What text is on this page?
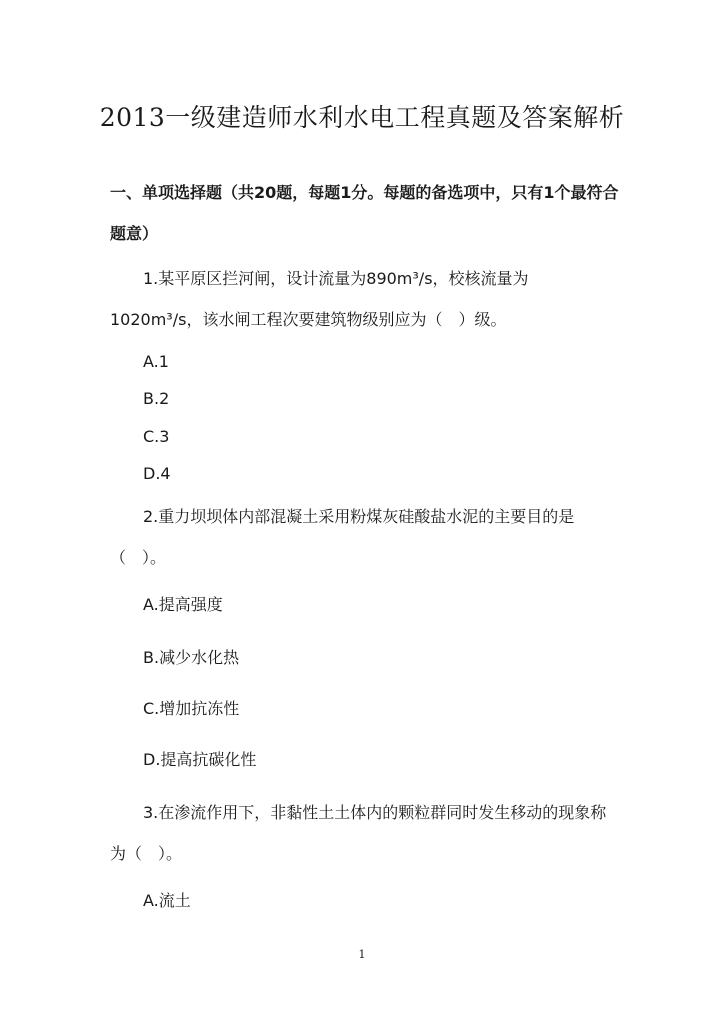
2013一级建造师水利水电工程真题及答案解析

一、单项选择题（共20题，每题1分。每题的备选项中，只有1个最符合题意）

1.某平原区拦河闸，设计流量为890m³/s，校核流量为1020m³/s，该水闸工程次要建筑物级别应为（　）级。

A.1

B.2

C.3

D.4

2.重力坝坝体内部混凝土采用粉煤灰硅酸盐水泥的主要目的是（　）。

A.提高强度

B.减少水化热

C.增加抗冻性

D.提高抗碳化性

3.在渗流作用下，非黏性土土体内的颗粒群同时发生移动的现象称为（　）。

A.流土

1
